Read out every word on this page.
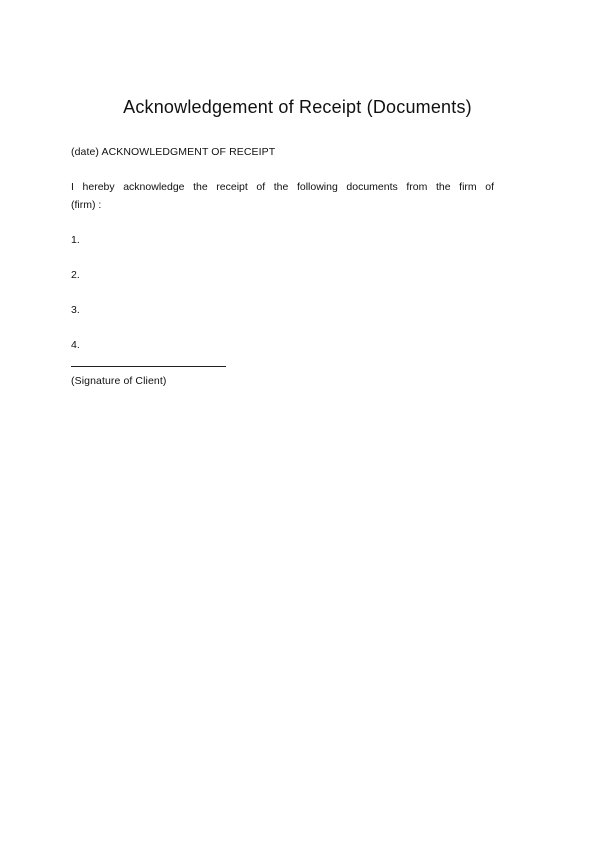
Acknowledgement of Receipt (Documents)
(date) ACKNOWLEDGMENT OF RECEIPT
I hereby acknowledge the receipt of the following documents from the firm of
(firm) :
1.
2.
3.
4.
(Signature of Client)
